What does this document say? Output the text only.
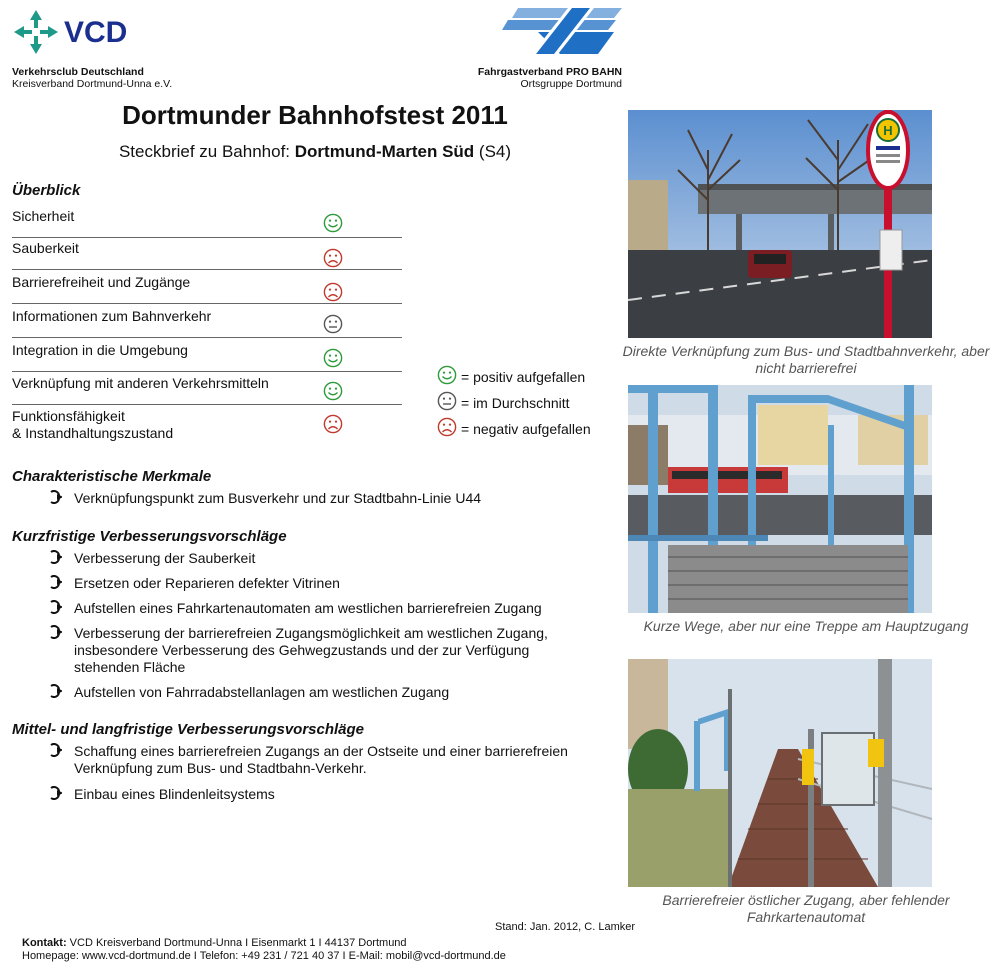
VCD
Verkehrsclub Deutschland
Kreisverband Dortmund-Unna e.V.
Fahrgastverband PRO BAHN
Ortsgruppe Dortmund
Dortmunder Bahnhofstest 2011
Steckbrief zu Bahnhof: Dortmund-Marten Süd (S4)
Überblick
Sicherheit
Sauberkeit
Barrierefreiheit und Zugänge
Informationen zum Bahnverkehr
Integration in die Umgebung
Verknüpfung mit anderen Verkehrsmitteln
Funktionsfähigkeit
& Instandhaltungszustand
= positiv aufgefallen
= im Durchschnitt
= negativ aufgefallen
Charakteristische Merkmale
Verknüpfungspunkt zum Busverkehr und zur Stadtbahn-Linie U44
Kurzfristige Verbesserungsvorschläge
Verbesserung der Sauberkeit
Ersetzen oder Reparieren defekter Vitrinen
Aufstellen eines Fahrkartenautomaten am westlichen barrierefreien Zugang
Verbesserung der barrierefreien Zugangsmöglichkeit am westlichen Zugang, insbesondere Verbesserung des Gehwegzustands und der zur Verfügung stehenden Fläche
Aufstellen von Fahrradabstellanlagen am westlichen Zugang
Mittel- und langfristige Verbesserungsvorschläge
Schaffung eines barrierefreien Zugangs an der Ostseite und einer barrierefreien Verknüpfung zum Bus- und Stadtbahn-Verkehr.
Einbau eines Blindenleitsystems
H
Direkte Verknüpfung zum Bus- und Stadtbahnverkehr, aber nicht barrierefrei
Kurze Wege, aber nur eine Treppe am Hauptzugang
Barrierefreier östlicher Zugang, aber fehlender Fahrkartenautomat
Stand: Jan. 2012, C. Lamker
Kontakt: VCD Kreisverband Dortmund-Unna I Eisenmarkt 1 I 44137 Dortmund
Homepage: www.vcd-dortmund.de I Telefon: +49 231 / 721 40 37 I E-Mail: mobil@vcd-dortmund.de
